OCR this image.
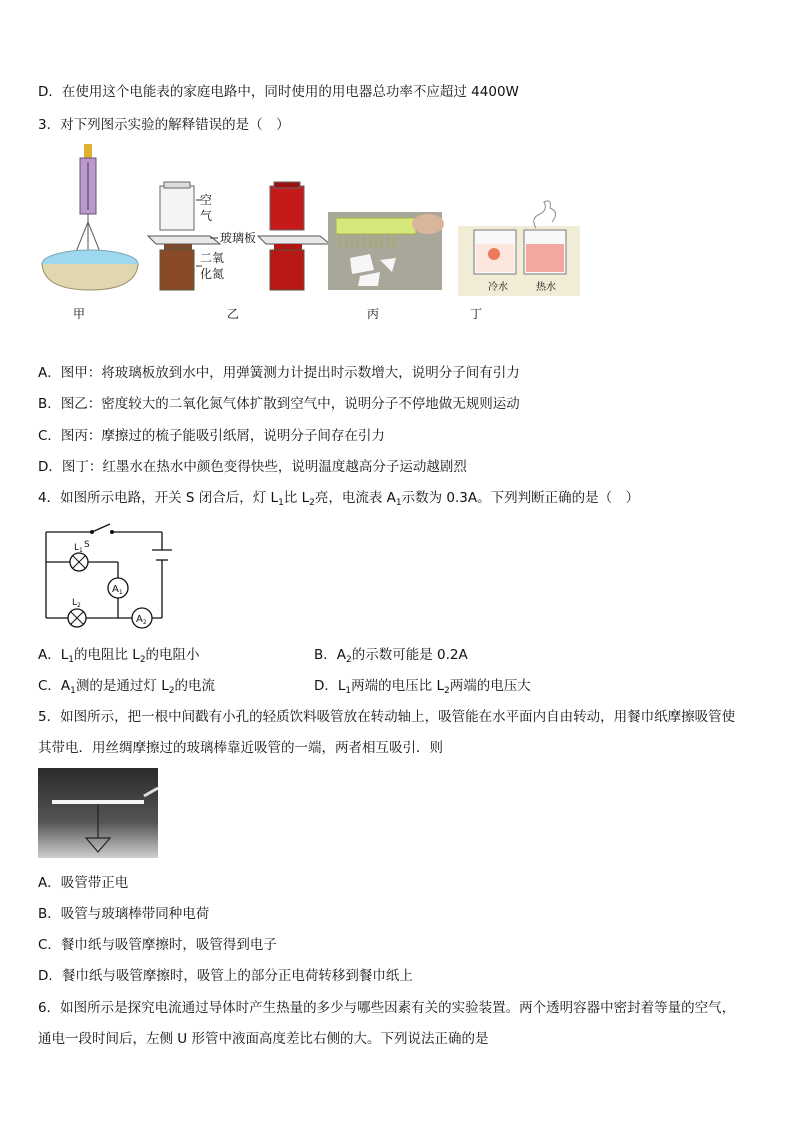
D．在使用这个电能表的家庭电路中，同时使用的用电器总功率不应超过 4400W
3．对下列图示实验的解释错误的是（　）
空
气
玻璃板
二氧
化氮
冷水	热水
甲	乙	丙	丁
A．图甲：将玻璃板放到水中，用弹簧测力计提出时示数增大，说明分子间有引力
B．图乙：密度较大的二氧化氮气体扩散到空气中，说明分子不停地做无规则运动
C．图丙：摩擦过的梳子能吸引纸屑，说明分子间存在引力
D．图丁：红墨水在热水中颜色变得快些，说明温度越高分子运动越剧烈
4．如图所示电路，开关 S 闭合后，灯 $L_1$比 $L_2$亮，电流表 $A_1$示数为 0.3A。下列判断正确的是（　）
S
$L_1$
$A_1$
$L_2$
$A_2$
A．$L_1$的电阻比 $L_2$的电阻小	B．$A_2$的示数可能是 0.2A
C．$A_1$测的是通过灯 $L_2$的电流	D．$L_1$两端的电压比 $L_2$两端的电压大
5．如图所示，把一根中间戳有小孔的轻质饮料吸管放在转动轴上，吸管能在水平面内自由转动，用餐巾纸摩擦吸管使
其带电．用丝绸摩擦过的玻璃棒靠近吸管的一端，两者相互吸引．则
A．吸管带正电
B．吸管与玻璃棒带同种电荷
C．餐巾纸与吸管摩擦时，吸管得到电子
D．餐巾纸与吸管摩擦时，吸管上的部分正电荷转移到餐巾纸上
6．如图所示是探究电流通过导体时产生热量的多少与哪些因素有关的实验装置。两个透明容器中密封着等量的空气，
通电一段时间后，左侧 U 形管中液面高度差比右侧的大。下列说法正确的是
